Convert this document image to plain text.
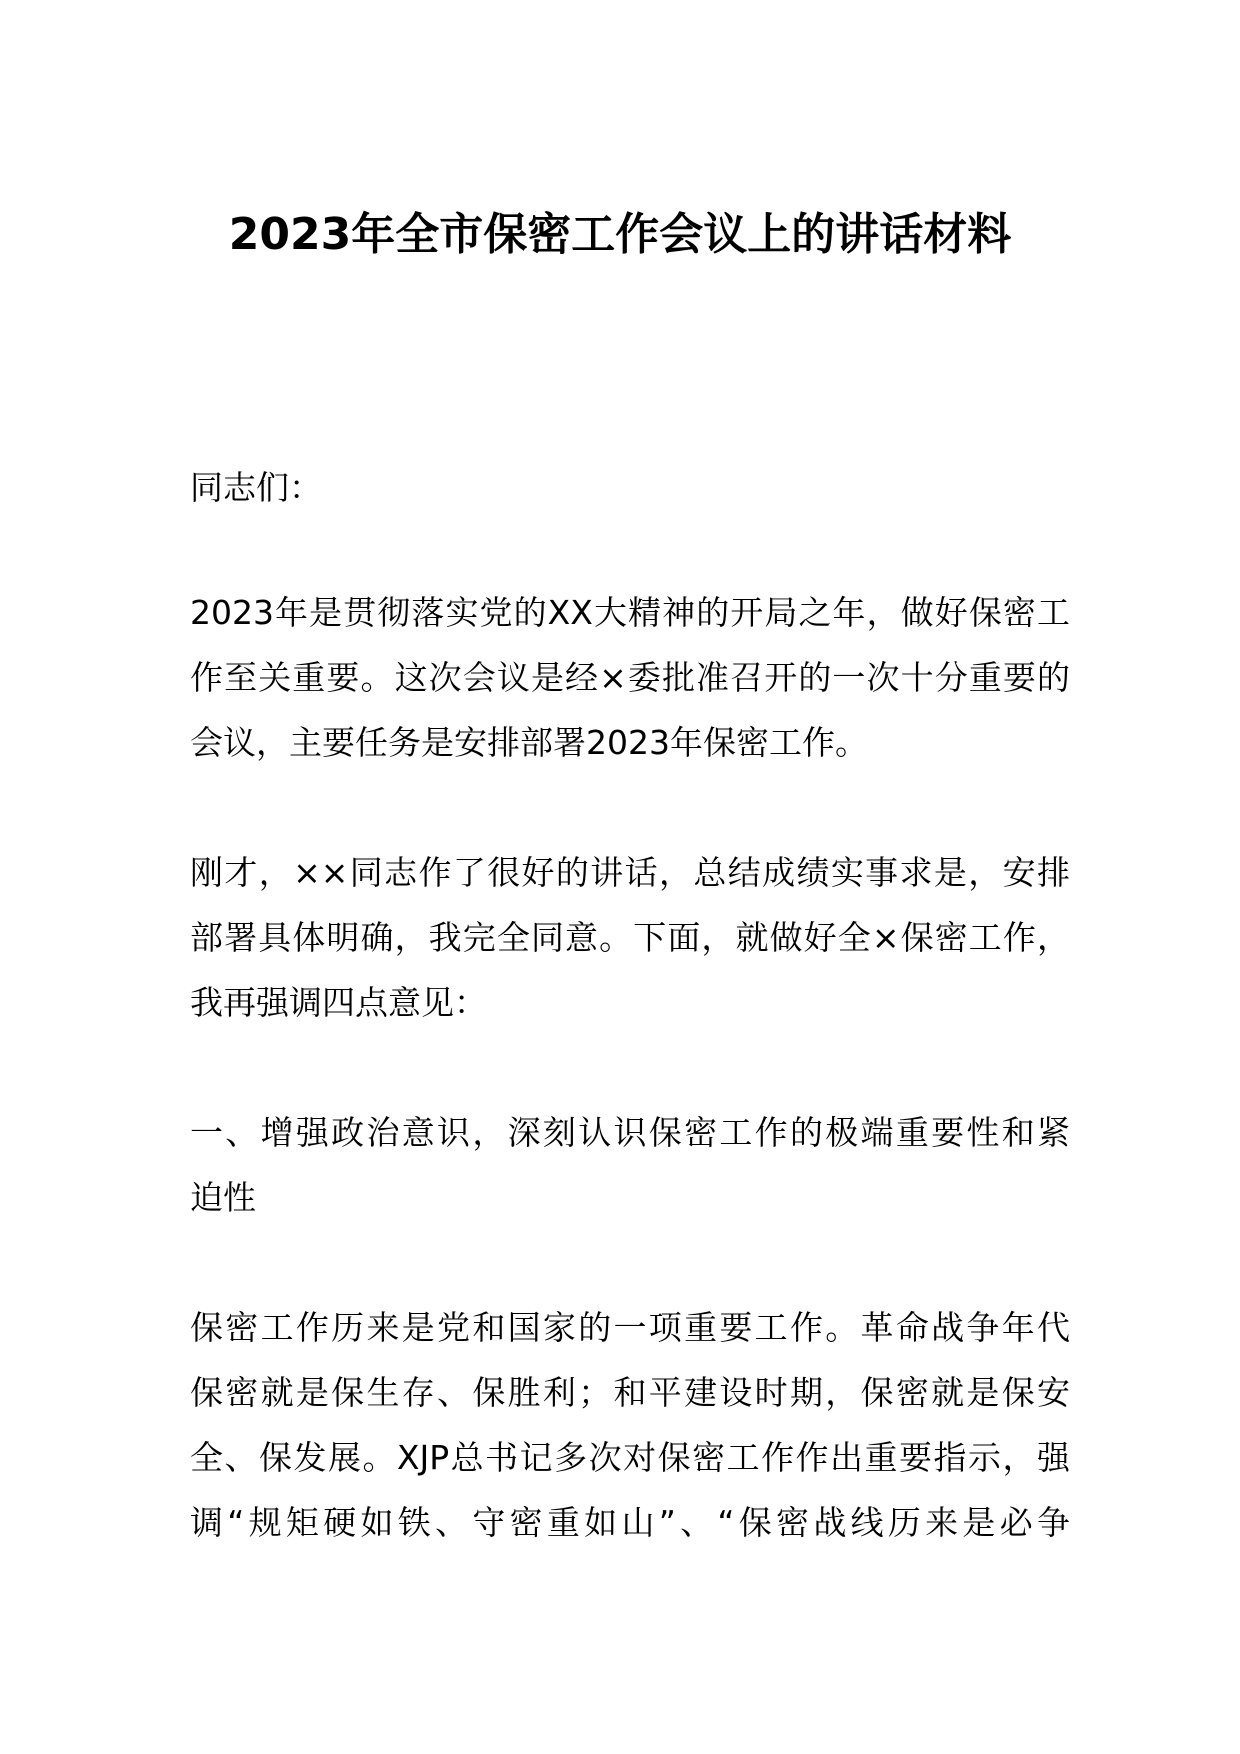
2023年全市保密工作会议上的讲话材料
同志们：
2023年是贯彻落实党的XX大精神的开局之年，做好保密工
作至关重要。这次会议是经×委批准召开的一次十分重要的
会议，主要任务是安排部署2023年保密工作。
刚才，××同志作了很好的讲话，总结成绩实事求是，安排
部署具体明确，我完全同意。下面，就做好全×保密工作，
我再强调四点意见：
一、增强政治意识，深刻认识保密工作的极端重要性和紧
迫性
保密工作历来是党和国家的一项重要工作。革命战争年代
保密就是保生存、保胜利；和平建设时期，保密就是保安
全、保发展。XJP总书记多次对保密工作作出重要指示，强
调“规矩硬如铁、守密重如山”、“保密战线历来是必争
